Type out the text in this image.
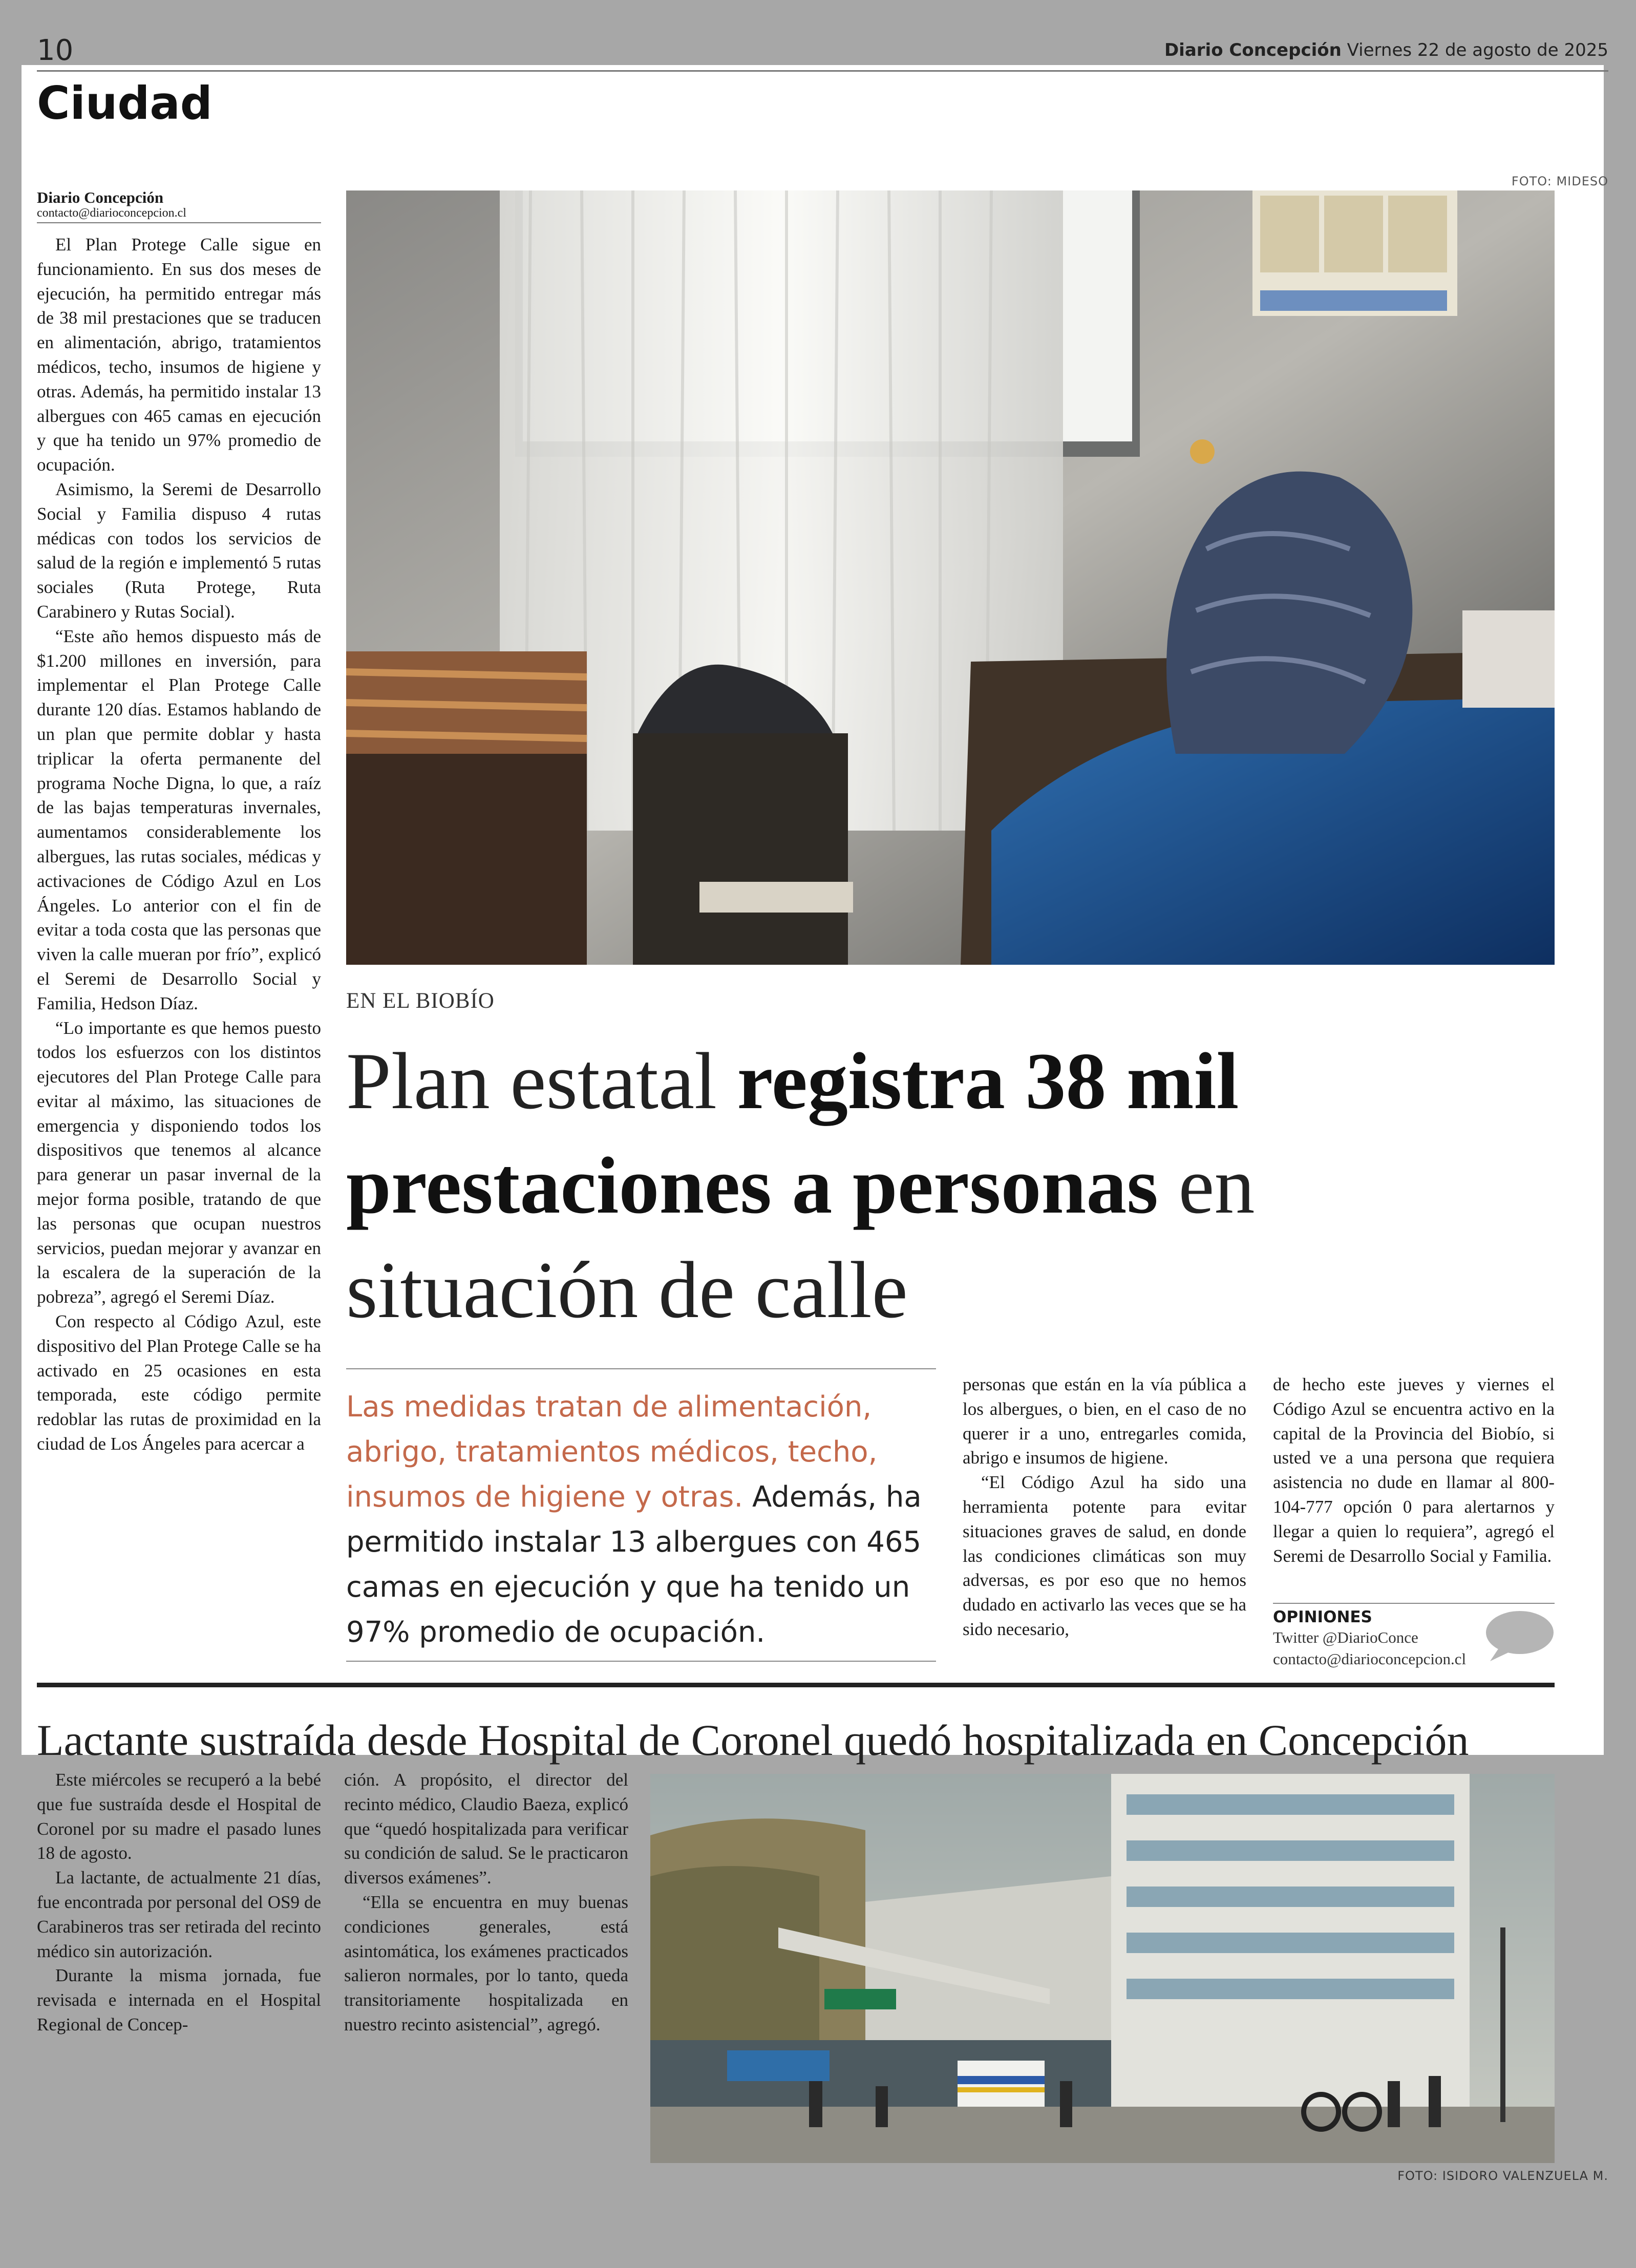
10	Diario Concepción Viernes 22 de agosto de 2025
Ciudad
FOTO: MIDESO
Diario Concepción
contacto@diarioconcepcion.cl

El Plan Protege Calle sigue en funcionamiento. En sus dos meses de ejecución, ha permitido entregar más de 38 mil prestaciones que se traducen en alimentación, abrigo, tratamientos médicos, techo, insumos de higiene y otras. Además, ha permitido instalar 13 albergues con 465 camas en ejecución y que ha tenido un 97% promedio de ocupación.

Asimismo, la Seremi de Desarrollo Social y Familia dispuso 4 rutas médicas con todos los servicios de salud de la región e implementó 5 rutas sociales (Ruta Protege, Ruta Carabinero y Rutas Social).

“Este año hemos dispuesto más de $1.200 millones en inversión, para implementar el Plan Protege Calle durante 120 días. Estamos hablando de un plan que permite doblar y hasta triplicar la oferta permanente del programa Noche Digna, lo que, a raíz de las bajas temperaturas invernales, aumentamos considerablemente los albergues, las rutas sociales, médicas y activaciones de Código Azul en Los Ángeles. Lo anterior con el fin de evitar a toda costa que las personas que viven la calle mueran por frío”, explicó el Seremi de Desarrollo Social y Familia, Hedson Díaz.

“Lo importante es que hemos puesto todos los esfuerzos con los distintos ejecutores del Plan Protege Calle para evitar al máximo, las situaciones de emergencia y disponiendo todos los dispositivos que tenemos al alcance para generar un pasar invernal de la mejor forma posible, tratando de que las personas que ocupan nuestros servicios, puedan mejorar y avanzar en la escalera de la superación de la pobreza”, agregó el Seremi Díaz.

Con respecto al Código Azul, este dispositivo del Plan Protege Calle se ha activado en 25 ocasiones en esta temporada, este código permite redoblar las rutas de proximidad en la ciudad de Los Ángeles para acercar a

EN EL BIOBÍO
Plan estatal registra 38 mil prestaciones a personas en situación de calle
Las medidas tratan de alimentación, abrigo, tratamientos médicos, techo, insumos de higiene y otras. Además, ha permitido instalar 13 albergues con 465 camas en ejecución y que ha tenido un 97% promedio de ocupación.

personas que están en la vía pública a los albergues, o bien, en el caso de no querer ir a uno, entregarles comida, abrigo e insumos de higiene.

“El Código Azul ha sido una herramienta potente para evitar situaciones graves de salud, en donde las condiciones climáticas son muy adversas, es por eso que no hemos dudado en activarlo las veces que se ha sido necesario,

de hecho este jueves y viernes el Código Azul se encuentra activo en la capital de la Provincia del Biobío, si usted ve a una persona que requiera asistencia no dude en llamar al 800-104-777 opción 0 para alertarnos y llegar a quien lo requiera”, agregó el Seremi de Desarrollo Social y Familia.

OPINIONES
Twitter @DiarioConce
contacto@diarioconcepcion.cl
Lactante sustraída desde Hospital de Coronel quedó hospitalizada en Concepción

Este miércoles se recuperó a la bebé que fue sustraída desde el Hospital de Coronel por su madre el pasado lunes 18 de agosto.

La lactante, de actualmente 21 días, fue encontrada por personal del OS9 de Carabineros tras ser retirada del recinto médico sin autorización.

Durante la misma jornada, fue revisada e internada en el Hospital Regional de Concep-

ción. A propósito, el director del recinto médico, Claudio Baeza, explicó que “quedó hospitalizada para verificar su condición de salud. Se le practicaron diversos exámenes”.

“Ella se encuentra en muy buenas condiciones generales, está asintomática, los exámenes practicados salieron normales, por lo tanto, queda transitoriamente hospitalizada en nuestro recinto asistencial”, agregó.

FOTO: ISIDORO VALENZUELA M.
